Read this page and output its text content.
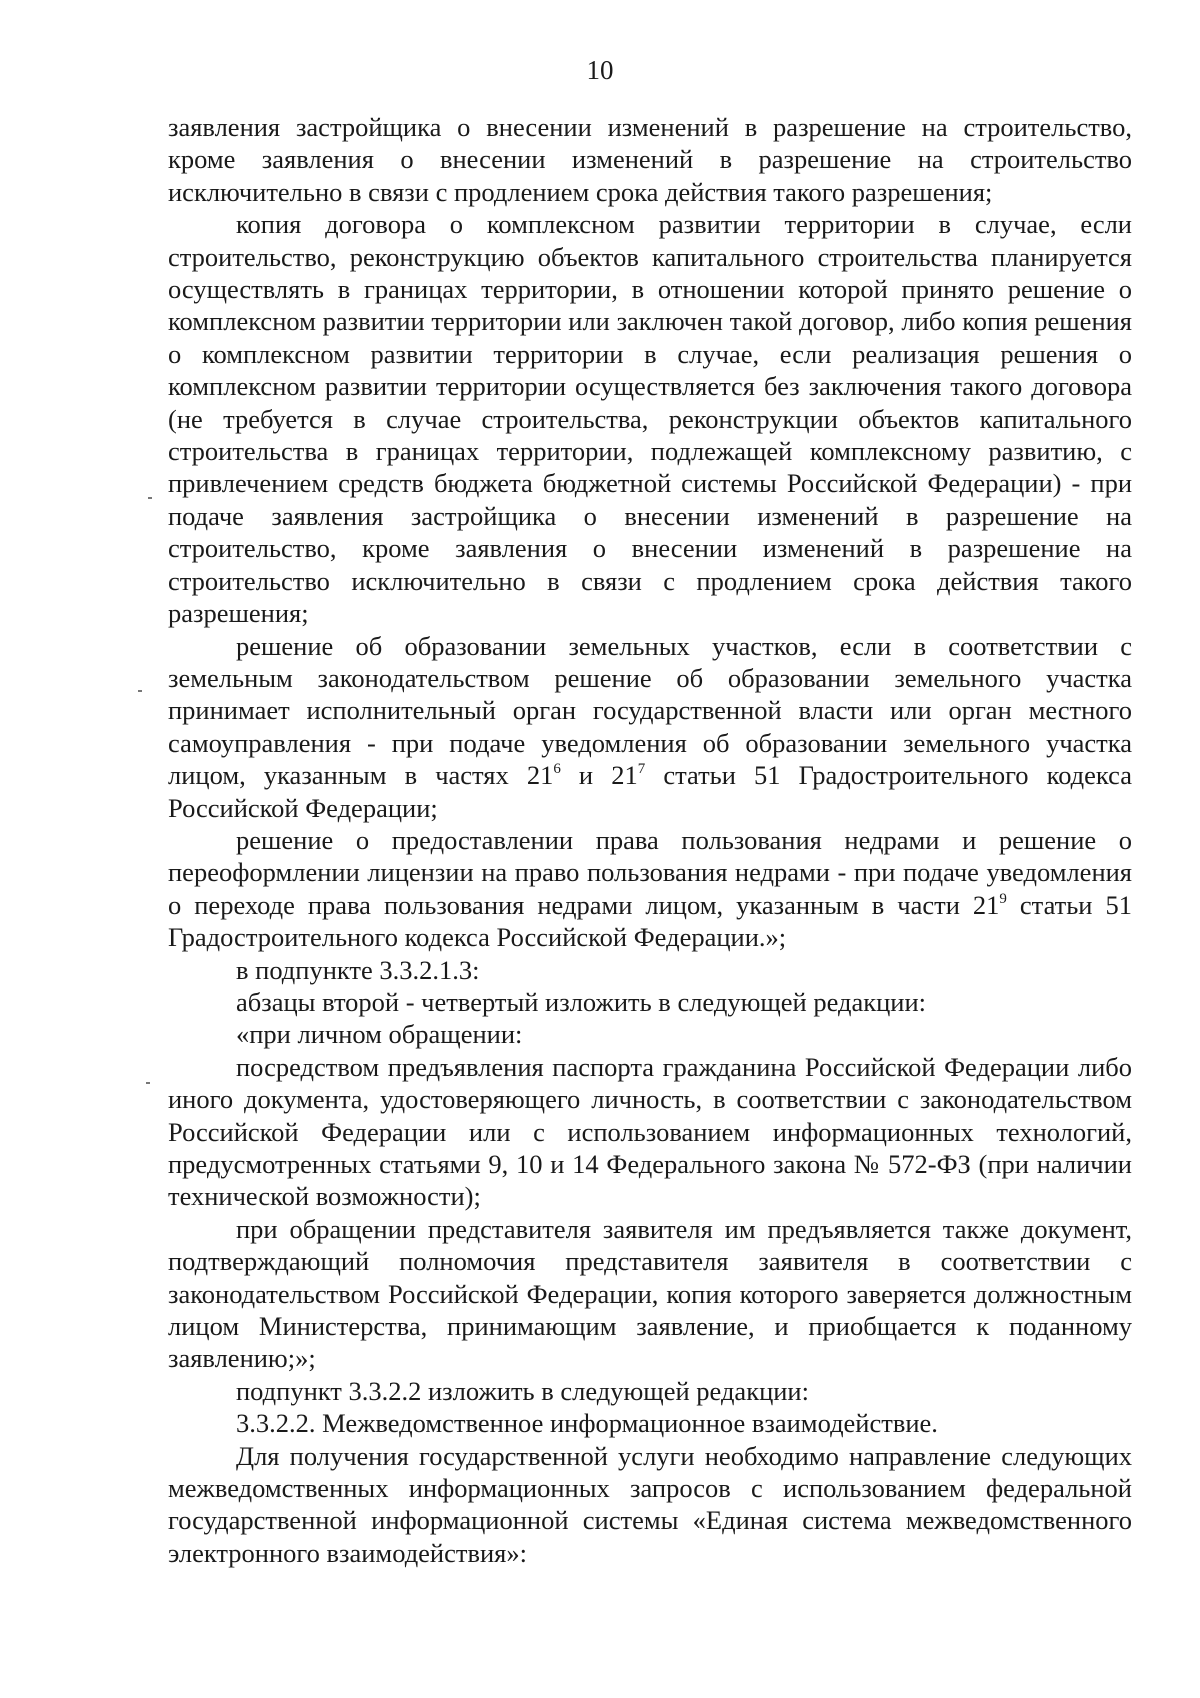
10

заявления застройщика о внесении изменений в разрешение на строительство, кроме заявления о внесении изменений в разрешение на строительство исключительно в связи с продлением срока действия такого разрешения;

копия договора о комплексном развитии территории в случае, если строительство, реконструкцию объектов капитального строительства планируется осуществлять в границах территории, в отношении которой принято решение о комплексном развитии территории или заключен такой договор, либо копия решения о комплексном развитии территории в случае, если реализация решения о комплексном развитии территории осуществляется без заключения такого договора (не требуется в случае строительства, реконструкции объектов капитального строительства в границах территории, подлежащей комплексному развитию, с привлечением средств бюджета бюджетной системы Российской Федерации) - при подаче заявления застройщика о внесении изменений в разрешение на строительство, кроме заявления о внесении изменений в разрешение на строительство исключительно в связи с продлением срока действия такого разрешения;

решение об образовании земельных участков, если в соответствии с земельным законодательством решение об образовании земельного участка принимает исполнительный орган государственной власти или орган местного самоуправления - при подаче уведомления об образовании земельного участка лицом, указанным в частях $21^6$ и $21^7$ статьи 51 Градостроительного кодекса Российской Федерации;

решение о предоставлении права пользования недрами и решение о переоформлении лицензии на право пользования недрами - при подаче уведомления о переходе права пользования недрами лицом, указанным в части $21^9$ статьи 51 Градостроительного кодекса Российской Федерации.»;

в подпункте 3.3.2.1.3:

абзацы второй - четвертый изложить в следующей редакции:

«при личном обращении:

посредством предъявления паспорта гражданина Российской Федерации либо иного документа, удостоверяющего личность, в соответствии с законодательством Российской Федерации или с использованием информационных технологий, предусмотренных статьями 9, 10 и 14 Федерального закона № 572-ФЗ (при наличии технической возможности);

при обращении представителя заявителя им предъявляется также документ, подтверждающий полномочия представителя заявителя в соответствии с законодательством Российской Федерации, копия которого заверяется должностным лицом Министерства, принимающим заявление, и приобщается к поданному заявлению;»;

подпункт 3.3.2.2 изложить в следующей редакции:

3.3.2.2. Межведомственное информационное взаимодействие.

Для получения государственной услуги необходимо направление следующих межведомственных информационных запросов с использованием федеральной государственной информационной системы «Единая система межведомственного электронного взаимодействия»:
